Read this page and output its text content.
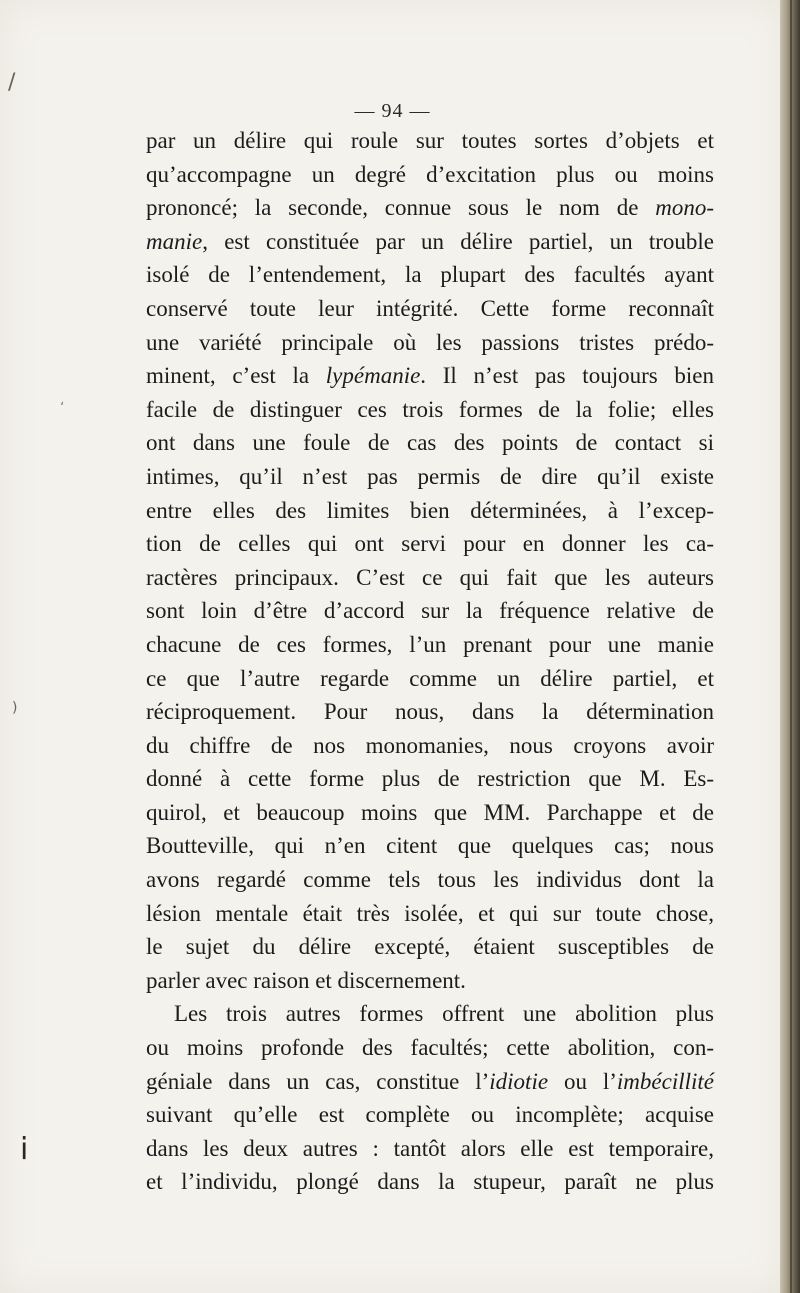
— 94 —
par un délire qui roule sur toutes sortes d’objets et
qu’accompagne un degré d’excitation plus ou moins
prononcé; la seconde, connue sous le nom de mono-
manie, est constituée par un délire partiel, un trouble
isolé de l’entendement, la plupart des facultés ayant
conservé toute leur intégrité. Cette forme reconnaît
une variété principale où les passions tristes prédo-
minent, c’est la lypémanie. Il n’est pas toujours bien
facile de distinguer ces trois formes de la folie; elles
ont dans une foule de cas des points de contact si
intimes, qu’il n’est pas permis de dire qu’il existe
entre elles des limites bien déterminées, à l’excep-
tion de celles qui ont servi pour en donner les ca-
ractères principaux. C’est ce qui fait que les auteurs
sont loin d’être d’accord sur la fréquence relative de
chacune de ces formes, l’un prenant pour une manie
ce que l’autre regarde comme un délire partiel, et
réciproquement. Pour nous, dans la détermination
du chiffre de nos monomanies, nous croyons avoir
donné à cette forme plus de restriction que M. Es-
quirol, et beaucoup moins que MM. Parchappe et de
Boutteville, qui n’en citent que quelques cas; nous
avons regardé comme tels tous les individus dont la
lésion mentale était très isolée, et qui sur toute chose,
le sujet du délire excepté, étaient susceptibles de
parler avec raison et discernement.
Les trois autres formes offrent une abolition plus
ou moins profonde des facultés; cette abolition, con-
géniale dans un cas, constitue l’idiotie ou l’imbécillité
suivant qu’elle est complète ou incomplète; acquise
dans les deux autres : tantôt alors elle est temporaire,
et l’individu, plongé dans la stupeur, paraît ne plus
/
)
i
ʻ
